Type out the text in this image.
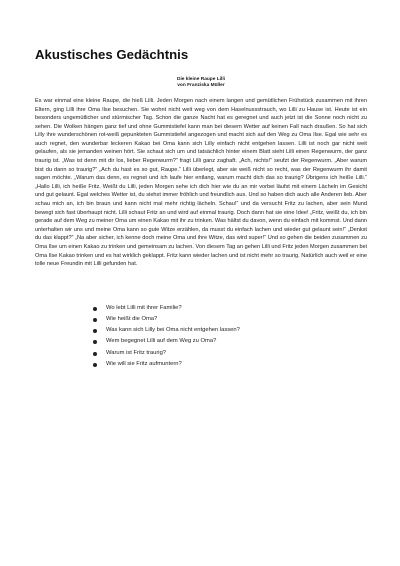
Akustisches Gedächtnis
Die kleine Raupe Lilli
von Franziska Müller

Es war einmal eine kleine Raupe, die hieß Lilli. Jeden Morgen nach einem langen und gemütlichen Frühstück zusammen mit ihren Eltern, ging Lilli ihre Oma Ilse besuchen. Sie wohnt nicht weit weg von dem Haselnussstrauch, wo Lilli zu Hause ist. Heute ist ein besonders ungemütlicher und stürmischer Tag. Schon die ganze Nacht hat es geregnet und auch jetzt ist die Sonne noch nicht zu sehen. Die Wolken hängen ganz tief und ohne Gummistiefel kann man bei diesem Wetter auf keinen Fall nach draußen. So hat sich Lilly ihre wunderschönen rot-weiß gepunkteten Gummistiefel angezogen und macht sich auf den Weg zu Oma Ilse. Egal wie sehr es auch regnet, den wunderbar leckeren Kakao bei Oma kann sich Lilly einfach nicht entgehen lassen. Lilli ist noch gar nicht weit gelaufen, als sie jemanden weinen hört. Sie schaut sich um und tatsächlich hinter einem Blatt sieht Lilli einen Regenwurm, der ganz traurig ist. „Was ist denn mit dir los, lieber Regenwurm?“ fragt Lilli ganz zaghaft. „Ach, nichts!“ seufzt der Regenwurm. „Aber warum bist du dann so traurig?“ „Ach du hast es so gut, Raupe.“ Lilli überlegt, aber sie weiß nicht so recht, was der Regenwurm ihr damit sagen möchte. „Warum das denn, es regnet und ich laufe hier entlang, warum macht dich das so traurig? Übrigens ich heiße Lilli.“ „Hallo Lilli, ich heiße Fritz. Weißt du Lilli, jeden Morgen sehe ich dich hier wie du an mir vorbei läufst mit einem Lächeln im Gesicht und gut gelaunt. Egal welches Wetter ist, du siehst immer fröhlich und freundlich aus. Und so haben dich auch alle Anderen lieb. Aber schau mich an, ich bin braun und kann nicht mal mehr richtig lächeln. Schau!“ und da versucht Fritz zu lachen, aber sein Mund bewegt sich fast überhaupt nicht. Lilli schaut Fritz an und wird auf einmal traurig. Doch dann hat sie eine Idee! „Fritz, weißt du, ich bin gerade auf dem Weg zu meiner Oma um einen Kakao mit ihr zu trinken. Was hältst du davon, wenn du einfach mit kommst. Und dann unterhalten wir uns und meine Oma kann so gute Witze erzählen, da musst du einfach lachen und wieder gut gelaunt sein!“ „Denkst du das klappt?“ „Na aber sicher, ich kenne doch meine Oma und ihre Witze, das wird super!“ Und so gehen die beiden zusammen zu Oma Ilse um einen Kakao zu trinken und gemeinsam zu lachen. Von diesem Tag an gehen Lilli und Fritz jeden Morgen zusammen bei Oma Ilse Kakao trinken und es hat wirklich geklappt. Fritz kann wieder lachen und ist nicht mehr so traurig. Natürlich auch weil er eine tolle neue Freundin mit Lilli gefunden hat.

Wo lebt Lilli mit ihrer Familie?
Wie heißt die Oma?
Was kann sich Lilly bei Oma nicht entgehen lassen?
Wem begegnet Lilli auf dem Weg zu Oma?
Warum ist Fritz traurig?
Wie will sie Fritz aufmuntern?
